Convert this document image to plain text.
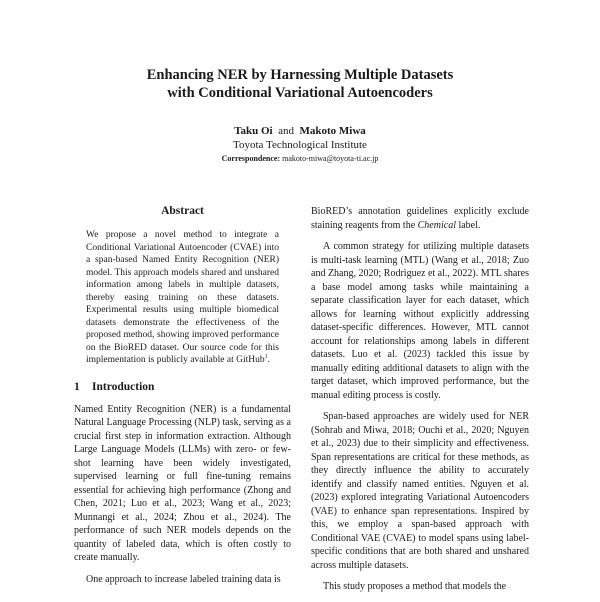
Enhancing NER by Harnessing Multiple Datasets
with Conditional Variational Autoencoders
Taku Oi and Makoto Miwa
Toyota Technological Institute
Correspondence: makoto-miwa@toyota-ti.ac.jp
Abstract
We propose a novel method to integrate a Conditional Variational Autoencoder (CVAE) into a span-based Named Entity Recognition (NER) model. This approach models shared and unshared information among labels in multiple datasets, thereby easing training on these datasets. Experimental results using multiple biomedical datasets demonstrate the effectiveness of the proposed method, showing improved performance on the BioRED dataset. Our source code for this implementation is publicly available at GitHub$^1$.
1 Introduction
Named Entity Recognition (NER) is a fundamental Natural Language Processing (NLP) task, serving as a crucial first step in information extraction. Although Large Language Models (LLMs) with zero- or few-shot learning have been widely investigated, supervised learning or full fine-tuning remains essential for achieving high performance (Zhong and Chen, 2021; Luo et al., 2023; Wang et al., 2023; Munnangi et al., 2024; Zhou et al., 2024). The performance of such NER models depends on the quantity of labeled data, which is often costly to create manually.
One approach to increase labeled training data is
BioRED’s annotation guidelines explicitly exclude staining reagents from the Chemical label.
A common strategy for utilizing multiple datasets is multi-task learning (MTL) (Wang et al., 2018; Zuo and Zhang, 2020; Rodriguez et al., 2022). MTL shares a base model among tasks while maintaining a separate classification layer for each dataset, which allows for learning without explicitly addressing dataset-specific differences. However, MTL cannot account for relationships among labels in different datasets. Luo et al. (2023) tackled this issue by manually editing additional datasets to align with the target dataset, which improved performance, but the manual editing process is costly.
Span-based approaches are widely used for NER (Sohrab and Miwa, 2018; Ouchi et al., 2020; Nguyen et al., 2023) due to their simplicity and effectiveness. Span representations are critical for these methods, as they directly influence the ability to accurately identify and classify named entities. Nguyen et al. (2023) explored integrating Variational Autoencoders (VAE) to enhance span representations. Inspired by this, we employ a span-based approach with Conditional VAE (CVAE) to model spans using label-specific conditions that are both shared and unshared across multiple datasets.
This study proposes a method that models the
